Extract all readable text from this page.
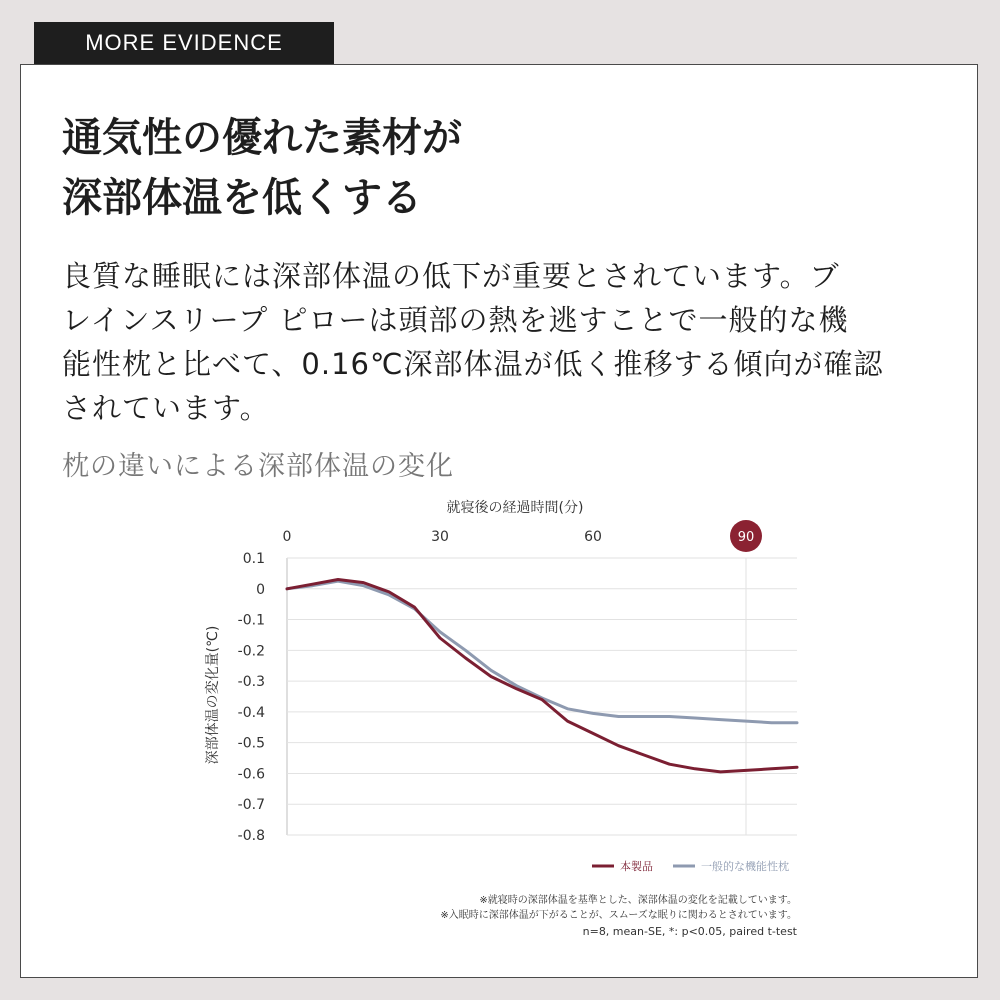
MORE EVIDENCE
通気性の優れた素材が
深部体温を低くする
良質な睡眠には深部体温の低下が重要とされています。ブ
レインスリープ ピローは頭部の熱を逃すことで一般的な機
能性枕と比べて、0.16℃深部体温が低く推移する傾向が確認
されています。
枕の違いによる深部体温の変化
就寝後の経過時間(分)
深部体温の変化量(℃)
0	30	60	90
0.1
0
-0.1
-0.2
-0.3
-0.4
-0.5
-0.6
-0.7
-0.8
本製品	一般的な機能性枕
※就寝時の深部体温を基準とした、深部体温の変化を記載しています。
※入眠時に深部体温が下がることが、スムーズな眠りに関わるとされています。
n=8, mean-SE, *: p<0.05, paired t-test
